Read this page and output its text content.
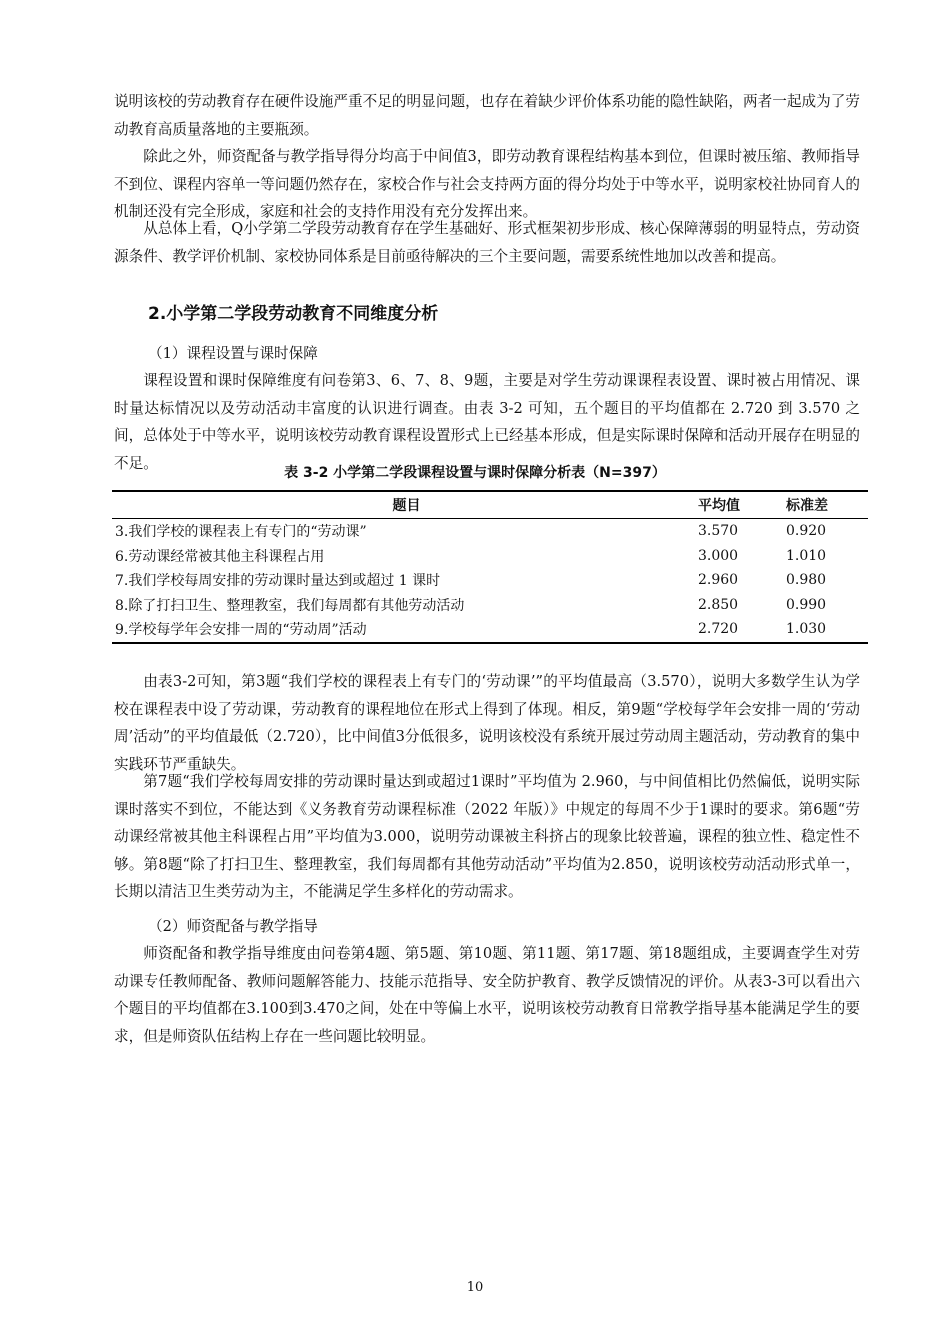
说明该校的劳动教育存在硬件设施严重不足的明显问题，也存在着缺少评价体系功能的隐性缺陷，两者一起成为了劳动教育高质量落地的主要瓶颈。

除此之外，师资配备与教学指导得分均高于中间值3，即劳动教育课程结构基本到位，但课时被压缩、教师指导不到位、课程内容单一等问题仍然存在，家校合作与社会支持两方面的得分均处于中等水平，说明家校社协同育人的机制还没有完全形成，家庭和社会的支持作用没有充分发挥出来。

从总体上看，Q小学第二学段劳动教育存在学生基础好、形式框架初步形成、核心保障薄弱的明显特点，劳动资源条件、教学评价机制、家校协同体系是目前亟待解决的三个主要问题，需要系统性地加以改善和提高。

2.小学第二学段劳动教育不同维度分析

（1）课程设置与课时保障

课程设置和课时保障维度有问卷第3、6、7、8、9题，主要是对学生劳动课课程表设置、课时被占用情况、课时量达标情况以及劳动活动丰富度的认识进行调查。由表 3-2 可知，五个题目的平均值都在 2.720 到 3.570 之间，总体处于中等水平，说明该校劳动教育课程设置形式上已经基本形成，但是实际课时保障和活动开展存在明显的不足。

表 3-2 小学第二学段课程设置与课时保障分析表（N=397）
题目	平均值	标准差
3.我们学校的课程表上有专门的“劳动课”	3.570	0.920
6.劳动课经常被其他主科课程占用	3.000	1.010
7.我们学校每周安排的劳动课时量达到或超过 1 课时	2.960	0.980
8.除了打扫卫生、整理教室，我们每周都有其他劳动活动	2.850	0.990
9.学校每学年会安排一周的“劳动周”活动	2.720	1.030

由表3-2可知，第3题“我们学校的课程表上有专门的‘劳动课’”的平均值最高（3.570），说明大多数学生认为学校在课程表中设了劳动课，劳动教育的课程地位在形式上得到了体现。相反，第9题“学校每学年会安排一周的‘劳动周’活动”的平均值最低（2.720），比中间值3分低很多，说明该校没有系统开展过劳动周主题活动，劳动教育的集中实践环节严重缺失。

第7题“我们学校每周安排的劳动课时量达到或超过1课时”平均值为 2.960，与中间值相比仍然偏低，说明实际课时落实不到位，不能达到《义务教育劳动课程标准（2022 年版）》中规定的每周不少于1课时的要求。第6题“劳动课经常被其他主科课程占用”平均值为3.000，说明劳动课被主科挤占的现象比较普遍，课程的独立性、稳定性不够。第8题“除了打扫卫生、整理教室，我们每周都有其他劳动活动”平均值为2.850，说明该校劳动活动形式单一，长期以清洁卫生类劳动为主，不能满足学生多样化的劳动需求。

（2）师资配备与教学指导

师资配备和教学指导维度由问卷第4题、第5题、第10题、第11题、第17题、第18题组成，主要调查学生对劳动课专任教师配备、教师问题解答能力、技能示范指导、安全防护教育、教学反馈情况的评价。从表3-3可以看出六个题目的平均值都在3.100到3.470之间，处在中等偏上水平，说明该校劳动教育日常教学指导基本能满足学生的要求，但是师资队伍结构上存在一些问题比较明显。

10
